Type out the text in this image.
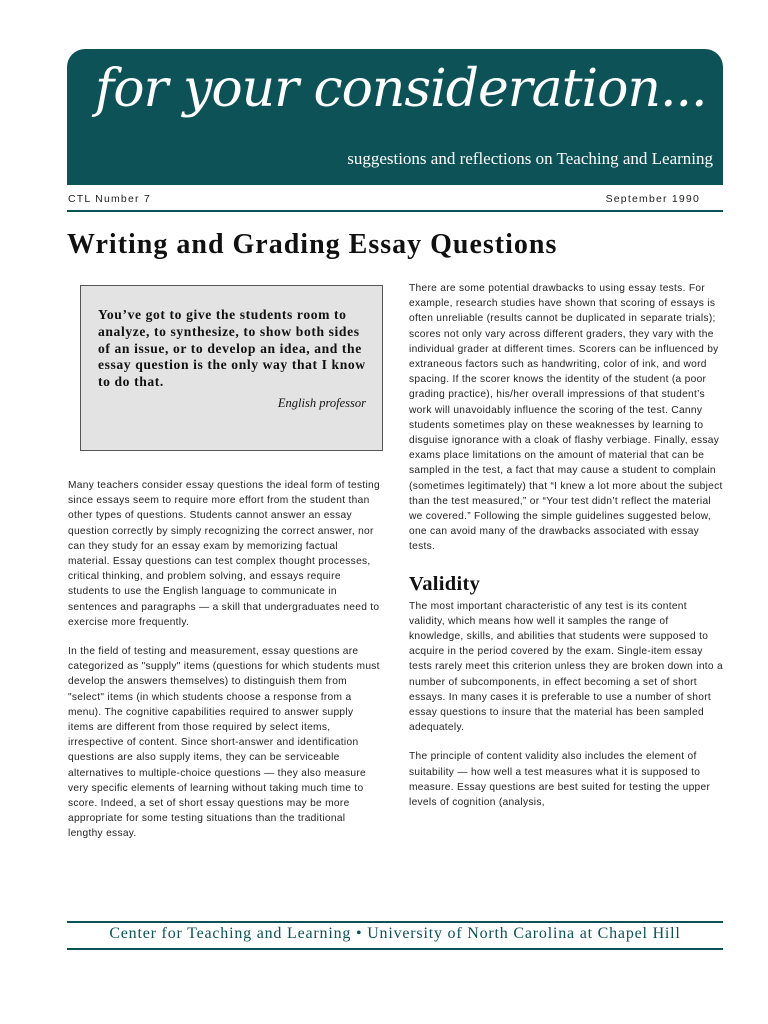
for your consideration...
suggestions and reflections on Teaching and Learning
CTL Number 7	September 1990
Writing and Grading Essay Questions
You’ve got to give the students room to analyze, to synthesize, to show both sides of an issue, or to develop an idea, and the essay question is the only way that I know to do that.
English professor

Many teachers consider essay questions the ideal form of testing since essays seem to require more effort from the student than other types of questions. Students cannot answer an essay question correctly by simply recognizing the correct answer, nor can they study for an essay exam by memorizing factual material. Essay questions can test complex thought processes, critical thinking, and problem solving, and essays require students to use the English language to communicate in sentences and paragraphs — a skill that undergraduates need to exercise more frequently.

In the field of testing and measurement, essay questions are categorized as "supply" items (questions for which students must develop the answers themselves) to distinguish them from "select" items (in which students choose a response from a menu). The cognitive capabilities required to answer supply items are different from those required by select items, irrespective of content. Since short-answer and identification questions are also supply items, they can be serviceable alternatives to multiple-choice questions — they also measure very specific elements of learning without taking much time to score. Indeed, a set of short essay questions may be more appropriate for some testing situations than the traditional lengthy essay.

There are some potential drawbacks to using essay tests. For example, research studies have shown that scoring of essays is often unreliable (results cannot be duplicated in separate trials); scores not only vary across different graders, they vary with the individual grader at different times. Scorers can be influenced by extraneous factors such as handwriting, color of ink, and word spacing. If the scorer knows the identity of the student (a poor grading practice), his/her overall impressions of that student’s work will unavoidably influence the scoring of the test. Canny students sometimes play on these weaknesses by learning to disguise ignorance with a cloak of flashy verbiage. Finally, essay exams place limitations on the amount of material that can be sampled in the test, a fact that may cause a student to complain (sometimes legitimately) that “I knew a lot more about the subject than the test measured,” or “Your test didn’t reflect the material we covered.” Following the simple guidelines suggested below, one can avoid many of the drawbacks associated with essay tests.

Validity

The most important characteristic of any test is its content validity, which means how well it samples the range of knowledge, skills, and abilities that students were supposed to acquire in the period covered by the exam. Single-item essay tests rarely meet this criterion unless they are broken down into a number of subcomponents, in effect becoming a set of short essays. In many cases it is preferable to use a number of short essay questions to insure that the material has been sampled adequately.

The principle of content validity also includes the element of suitability — how well a test measures what it is supposed to measure. Essay questions are best suited for testing the upper levels of cognition (analysis,

Center for Teaching and Learning • University of North Carolina at Chapel Hill
